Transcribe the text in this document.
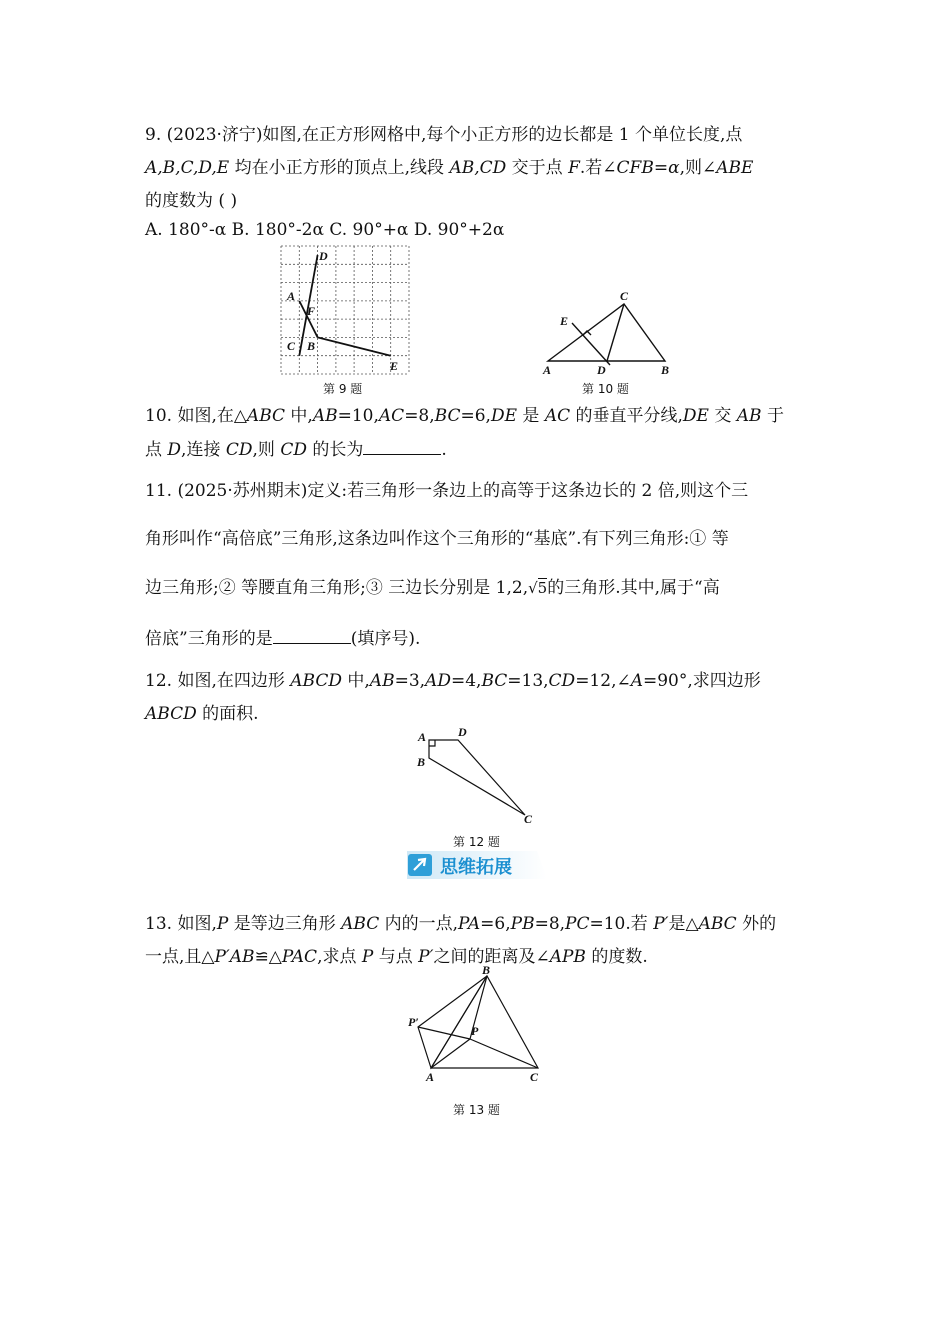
9. (2023·济宁)如图,在正方形网格中,每个小正方形的边长都是 1 个单位长度,点
A,B,C,D,E 均在小正方形的顶点上,线段 AB,CD 交于点 F.若∠CFB=α,则∠ABE
的度数为 ( )
A. 180°-α B. 180°-2α C. 90°+α D. 90°+2α
D
A
F
C B
E
第 9 题
C
E
A	D	B
第 10 题
10. 如图,在△ABC 中,AB=10,AC=8,BC=6,DE 是 AC 的垂直平分线,DE 交 AB 于
点 D,连接 CD,则 CD 的长为	.
11. (2025·苏州期末)定义:若三角形一条边上的高等于这条边长的 2 倍,则这个三
角形叫作“高倍底”三角形,这条边叫作这个三角形的“基底”.有下列三角形:① 等
边三角形;② 等腰直角三角形;③ 三边长分别是 1,2,√5的三角形.其中,属于“高
倍底”三角形的是	(填序号).
12. 如图,在四边形 ABCD 中,AB=3,AD=4,BC=13,CD=12,∠A=90°,求四边形
ABCD 的面积.
A	D
B
C
第 12 题
思维拓展
13. 如图,P 是等边三角形 ABC 内的一点,PA=6,PB=8,PC=10.若 P′是△ABC 外的
一点,且△P′AB≌△PAC,求点 P 与点 P′之间的距离及∠APB 的度数.
B
P′
P
A	C
第 13 题
